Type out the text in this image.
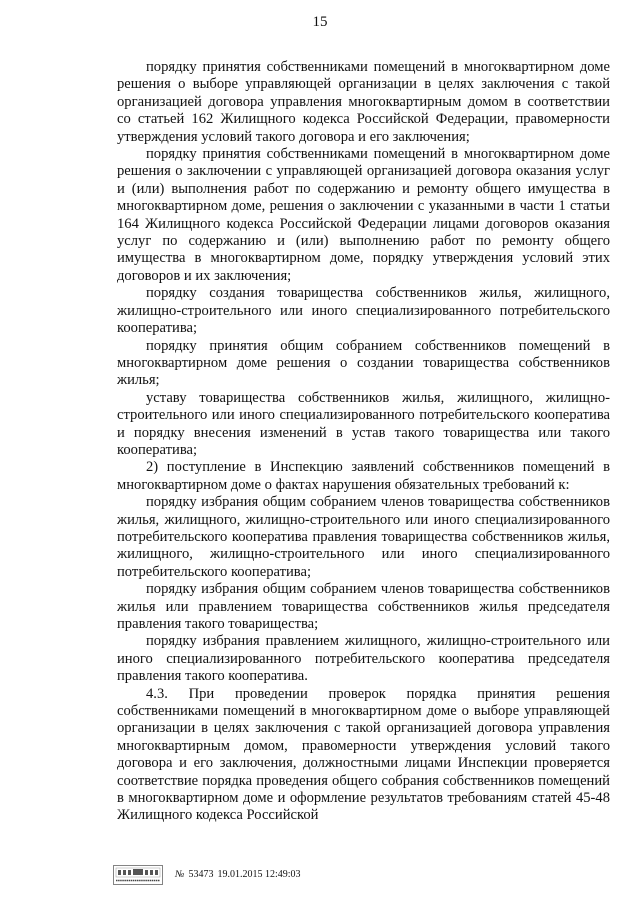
15

порядку принятия собственниками помещений в многоквартирном доме решения о выборе управляющей организации в целях заключения с такой организацией договора управления многоквартирным домом в соответствии со статьей 162 Жилищного кодекса Российской Федерации, правомерности утверждения условий такого договора и его заключения;

порядку принятия собственниками помещений в многоквартирном доме решения о заключении с управляющей организацией договора оказания услуг и (или) выполнения работ по содержанию и ремонту общего имущества в многоквартирном доме, решения о заключении с указанными в части 1 статьи 164 Жилищного кодекса Российской Федерации лицами договоров оказания услуг по содержанию и (или) выполнению работ по ремонту общего имущества в многоквартирном доме, порядку утверждения условий этих договоров и их заключения;

порядку создания товарищества собственников жилья, жилищного, жилищно-строительного или иного специализированного потребительского кооператива;

порядку принятия общим собранием собственников помещений в многоквартирном доме решения о создании товарищества собственников жилья;

уставу товарищества собственников жилья, жилищного, жилищно-строительного или иного специализированного потребительского кооператива и порядку внесения изменений в устав такого товарищества или такого кооператива;

2) поступление в Инспекцию заявлений собственников помещений в многоквартирном доме о фактах нарушения обязательных требований к:

порядку избрания общим собранием членов товарищества собственников жилья, жилищного, жилищно-строительного или иного специализированного потребительского кооператива правления товарищества собственников жилья, жилищного, жилищно-строительного или иного специализированного потребительского кооператива;

порядку избрания общим собранием членов товарищества собственников жилья или правлением товарищества собственников жилья председателя правления такого товарищества;

порядку избрания правлением жилищного, жилищно-строительного или иного специализированного потребительского кооператива председателя правления такого кооператива.

4.3. При проведении проверок порядка принятия решения собственниками помещений в многоквартирном доме о выборе управляющей организации в целях заключения с такой организацией договора управления многоквартирным домом, правомерности утверждения условий такого договора и его заключения, должностными лицами Инспекции проверяется соответствие порядка проведения общего собрания собственников помещений в многоквартирном доме и оформление результатов требованиям статей 45-48 Жилищного кодекса Российской

№ 53473 19.01.2015 12:49:03
